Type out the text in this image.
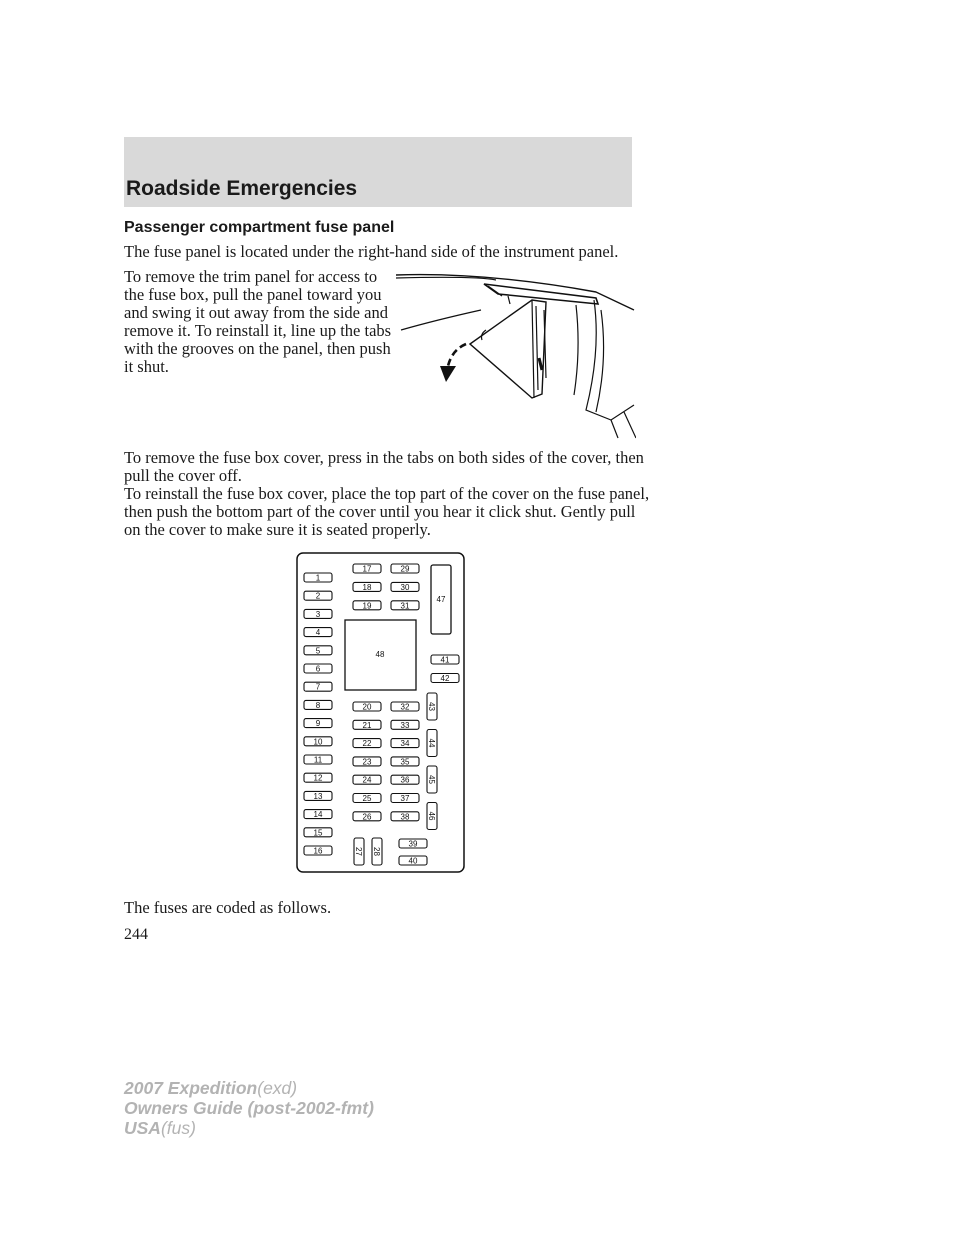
Roadside Emergencies
Passenger compartment fuse panel

The fuse panel is located under the right-hand side of the instrument panel.

To remove the trim panel for access to the fuse box, pull the panel toward you and swing it out away from the side and remove it. To reinstall it, line up the tabs with the grooves on the panel, then push it shut.

To remove the fuse box cover, press in the tabs on both sides of the cover, then pull the cover off.

To reinstall the fuse box cover, place the top part of the cover on the fuse panel, then push the bottom part of the cover until you hear it click shut. Gently pull on the cover to make sure it is seated properly.

48
47
1
2
3
4
5
6
7
8
9
10
11
12
13
14
15
16
17
18
19
29
30
31
20
21
22
23
24
25
26
32
33
34
35
36
37
38
27 28
39
40
41
42
43
44
45
46

The fuses are coded as follows.

244

2007 Expedition(exd)
Owners Guide (post-2002-fmt)
USA(fus)
